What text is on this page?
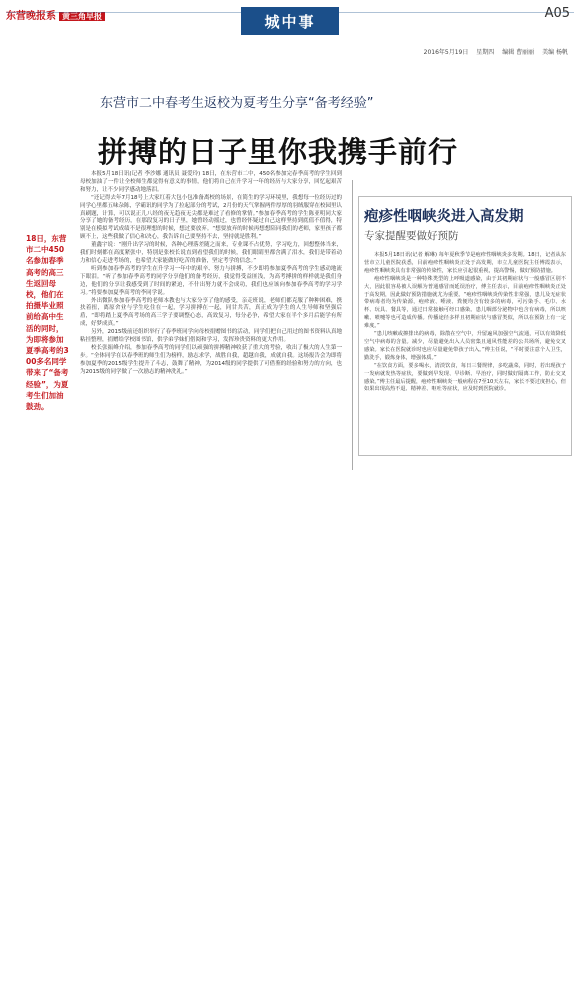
东营晚报系 黄三角早报	城中事	A05
2016年5月19日 星期四 编辑 曹丽丽 美编 杨帆
东营市二中春考生返校为夏考生分享“备考经验”
拼搏的日子里你我携手前行
18日，东营市二中450名参加春季高考的高三生返回母校，他们在拍摄毕业照前给高中生活的同时，为即将参加夏季高考的300多名同学带来了“备考经验”，为夏考生们加油鼓劲。

本报5月18日讯(记者 李沙娜 通讯员 聂爱玲) 18日，在东营市二中，450名参加完春季高考的学生回到母校加油了一件让全校师生都觉得有意义的事情，他们将自己在升学习一年的经历与大家分享，回忆起艰苦和努力，让不少同学感动地落泪。

“还记得去年7月18号上大家红着大包小包准备离校的场景，在简生的学习环境里，我想每一位经历过的同学心里都五味杂陈，学霸讯的同学为了拉起部分的考试，2月份的天气掌握两件厚厚的羽绒服穿在校园里认真刷题，计算，可以说正儿八经的夜无趋夜无尖都是难过了看修的掌情。”参加春季高考的学生陈亚明同大家分享了她的备考经历，在那段复习的日子里，她曾经动摇过，也曾经怀疑过自己这样坚持到底值不值得，特别是在模拟考试成绩不是很理想的时候，想过要放弃。“想要放弃的时候再想想陪同我们的老师，家里孩子都顾不上，这些我做了信心和决心，我告诉自己要坚持不去，坚持就是胜利。”

董鑫宇说：“刚升出学习的时候，各种心理落差随之而来，专业课不占优势，学习吃力，回想整体当来，我们时刻都在高度紧张中，特别是张校长说直到看望我们的时候，我们眼睛里都含满了泪水，我们是带着动力和信心走进考场的，也希望大家能做好吃苦的准备，坚定考学的信念。”

听到参加春季高考的学生在升学习一年中的艰辛、努力与拼搏，不少即将参加夏季高考的学生感动地流下眼泪。“听了参加春季高考的同学分享他们的备考经历，我觉得受益匪浅，为高考搏拼的样样就是我们身边，他们的分享让我感受到了时间的紧迫，不什出努力就不会成功，我们也应该向参加春季高考的学习学习。”将要参加夏季高考的李同学说。

外出微队参加春季高考的老师本教也与大家分享了他的感受，亲走班说，老师们都克服了种种困难，携扶着扭，离原舍业与学生吃住在一起，学习拼搏在一起，同甘共苦，真正成为学生的人生导师和坚强后盾，“即将踏上夏季高考场的高三学子要调整心态，高效复习，每分必争，希望大家在半个多月后能学有所成，好梦成真。”

另外，2015级前还组织举行了春季班同学向母校捐赠图书的活动，同学们把自己用过的图书资料认真地粘挂整理，捐赠给学校图书馆，供学弟学妹们借阅和学习，发挥珍贵资料的更大作用。

校长张振峰介绍，参加春季高考的同学们以顽强的拼搏精神收获了重大的考验，收出了极大的人生第一步。“全体同学在以春季班的师生们为榜样，励志求学，战胜自我，超越自我，成就自我。这场报告会为即将参加夏季的2015级学生提升了斗志，鼓舞了精神，为2014级的同学提供了可借鉴的经验和努力的方向，也为2015级的同学做了一次励志的精神洗礼。”

疱疹性咽峡炎进入高发期
专家提醒要做好预防

本报5月18日讯(记者 解琳) 每年夏秋季节是疱疹性咽峡炎多发期。18日，记者从东营市立儿童医院获悉，目前疱疹性咽峡炎正处于高发期，市立儿童医院主任傅霞表示，疱疹性咽峡炎具有非常强的传染性，家长应引起很重视，提高警惕，做好预防措施。

疱疹性咽峡炎是一种特殊类型的上呼吸道感染，由于其初期症状与一般感冒区别不大，因此很容易被人误解为普通感冒而延误治疗，傅主任表示，目前疱疹性咽峡炎正处于高发期，因此做好预防措施就尤为重要。“疱疹性咽峡炎传染性非常强，患儿及无症状带病毒者均为传染源，疱疹液、唾液、粪便均含有较多的病毒，可污染手、毛巾、水杯、玩具、餐具等，通过日常接触可经口感染。患儿咽部分泌物中也含有病毒，所以咳嗽、喷嚏等也可造成传播。传播途径多样且初期症状与感冒类似，所以在预防上有一定难度。”

“患儿咳嗽或擤排出的病毒，除散在空气中，升留遍风加强空气流通，可以有效降低空气中病毒的含量。减少，尽量避免出入人员密集且通风性能差的公共场所，避免交叉感染。家长在医院就诊时也应尽量避免带孩子出入。”傅主任说，“平时要注意个人卫生，勤洗手，锻炼身体，增强体质。”

“在饮食方面，要多喝水，清淡饮食，每日三餐规律，多吃蔬菜，同时，若出现孩子一发病就发热等症状，要做到早发现、早诊断、早治疗，同时做好隔离工作，防止交叉感染。”傅主任最后提醒，疱疹性咽峡炎一般病程在7至10天左右，家长不要过度担心，但如果出现高热不退、精神差、呕吐等症状，应及时到医院就诊。
